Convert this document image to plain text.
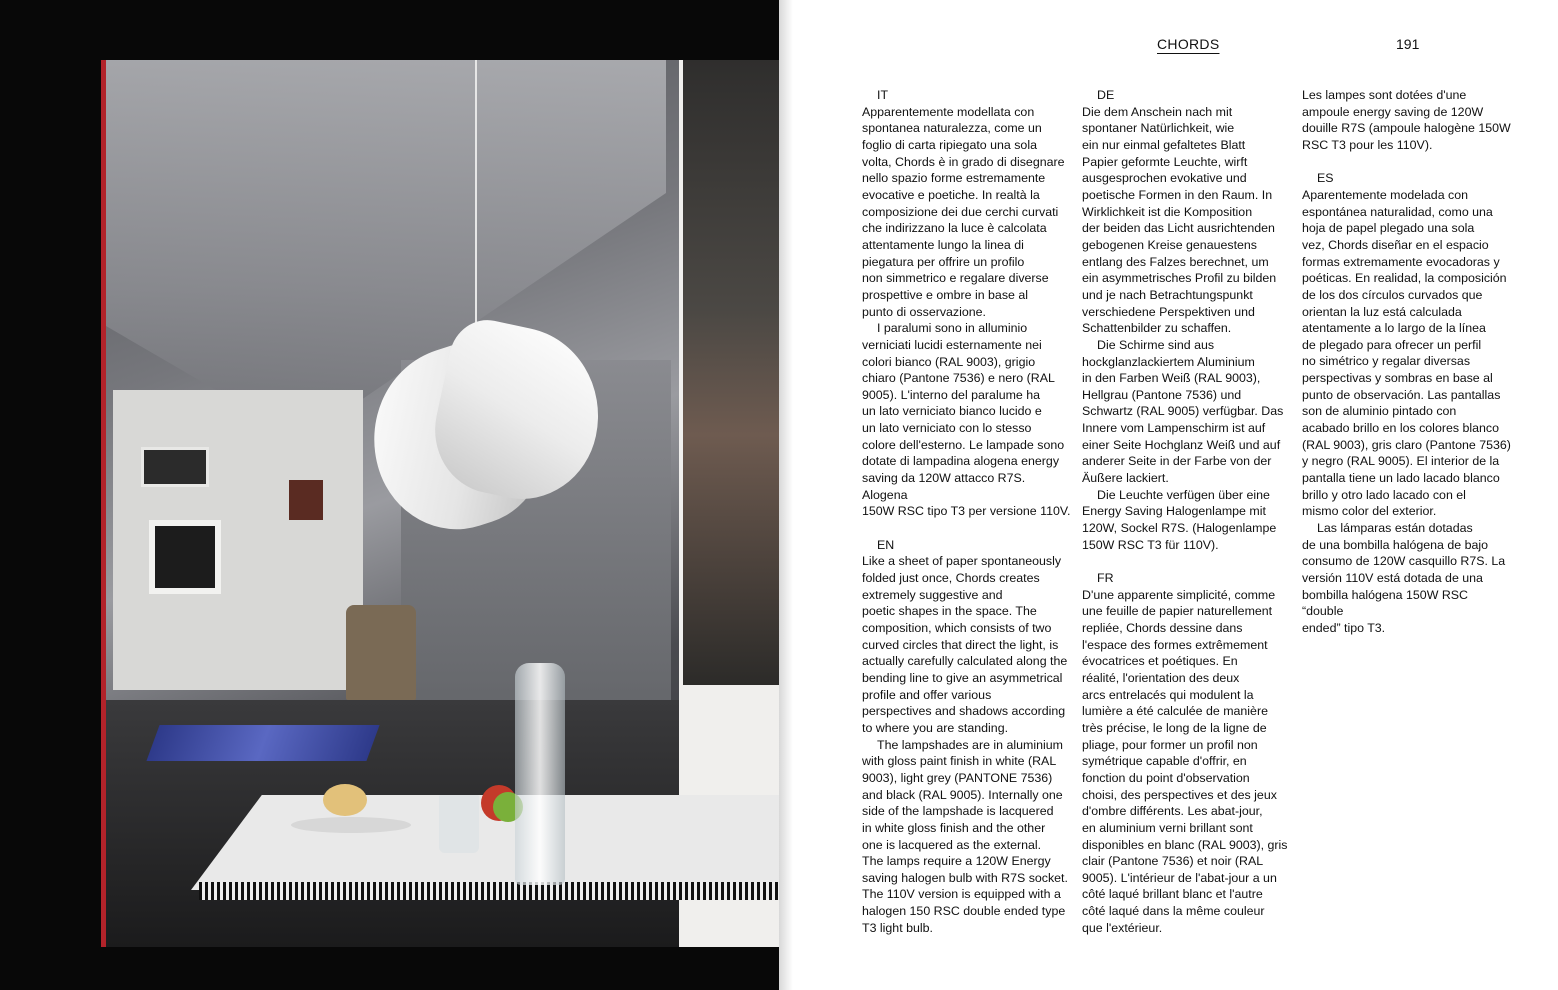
CHORDS	191
IT
Apparentemente modellata con
spontanea naturalezza, come un
foglio di carta ripiegato una sola
volta, Chords è in grado di disegnare
nello spazio forme estremamente
evocative e poetiche. In realtà la
composizione dei due cerchi curvati
che indirizzano la luce è calcolata
attentamente lungo la linea di
piegatura per offrire un profilo
non simmetrico e regalare diverse
prospettive e ombre in base al
punto di osservazione.
I paralumi sono in alluminio
verniciati lucidi esternamente nei
colori bianco (RAL 9003), grigio
chiaro (Pantone 7536) e nero (RAL
9005). L'interno del paralume ha
un lato verniciato bianco lucido e
un lato verniciato con lo stesso
colore dell'esterno. Le lampade sono
dotate di lampadina alogena energy
saving da 120W attacco R7S. Alogena
150W RSC tipo T3 per versione 110V.
EN
Like a sheet of paper spontaneously
folded just once, Chords creates
extremely suggestive and
poetic shapes in the space. The
composition, which consists of two
curved circles that direct the light, is
actually carefully calculated along the
bending line to give an asymmetrical
profile and offer various
perspectives and shadows according
to where you are standing.
The lampshades are in aluminium
with gloss paint finish in white (RAL
9003), light grey (PANTONE 7536)
and black (RAL 9005). Internally one
side of the lampshade is lacquered
in white gloss finish and the other
one is lacquered as the external.
The lamps require a 120W Energy
saving halogen bulb with R7S socket.
The 110V version is equipped with a
halogen 150 RSC double ended type
T3 light bulb.
DE
Die dem Anschein nach mit
spontaner Natürlichkeit, wie
ein nur einmal gefaltetes Blatt
Papier geformte Leuchte, wirft
ausgesprochen evokative und
poetische Formen in den Raum. In
Wirklichkeit ist die Komposition
der beiden das Licht ausrichtenden
gebogenen Kreise genauestens
entlang des Falzes berechnet, um
ein asymmetrisches Profil zu bilden
und je nach Betrachtungspunkt
verschiedene Perspektiven und
Schattenbilder zu schaffen.
Die Schirme sind aus
hockglanzlackiertem Aluminium
in den Farben Weiß (RAL 9003),
Hellgrau (Pantone 7536) und
Schwartz (RAL 9005) verfügbar. Das
Innere vom Lampenschirm ist auf
einer Seite Hochglanz Weiß und auf
anderer Seite in der Farbe von der
Äußere lackiert.
Die Leuchte verfügen über eine
Energy Saving Halogenlampe mit
120W, Sockel R7S. (Halogenlampe
150W RSC T3 für 110V).
FR
D'une apparente simplicité, comme
une feuille de papier naturellement
repliée, Chords dessine dans
l'espace des formes extrêmement
évocatrices et poétiques. En
réalité, l'orientation des deux
arcs entrelacés qui modulent la
lumière a été calculée de manière
très précise, le long de la ligne de
pliage, pour former un profil non
symétrique capable d'offrir, en
fonction du point d'observation
choisi, des perspectives et des jeux
d'ombre différents. Les abat-jour,
en aluminium verni brillant sont
disponibles en blanc (RAL 9003), gris
clair (Pantone 7536) et noir (RAL
9005). L'intérieur de l'abat-jour a un
côté laqué brillant blanc et l'autre
côté laqué dans la même couleur
que l'extérieur.
Les lampes sont dotées d'une
ampoule energy saving de 120W
douille R7S (ampoule halogène 150W
RSC T3 pour les 110V).
ES
Aparentemente modelada con
espontánea naturalidad, como una
hoja de papel plegado una sola
vez, Chords diseñar en el espacio
formas extremamente evocadoras y
poéticas. En realidad, la composición
de los dos círculos curvados que
orientan la luz está calculada
atentamente a lo largo de la línea
de plegado para ofrecer un perfil
no simétrico y regalar diversas
perspectivas y sombras en base al
punto de observación. Las pantallas
son de aluminio pintado con
acabado brillo en los colores blanco
(RAL 9003), gris claro (Pantone 7536)
y negro (RAL 9005). El interior de la
pantalla tiene un lado lacado blanco
brillo y otro lado lacado con el
mismo color del exterior.
Las lámparas están dotadas
de una bombilla halógena de bajo
consumo de 120W casquillo R7S. La
versión 110V está dotada de una
bombilla halógena 150W RSC “double
ended” tipo T3.
